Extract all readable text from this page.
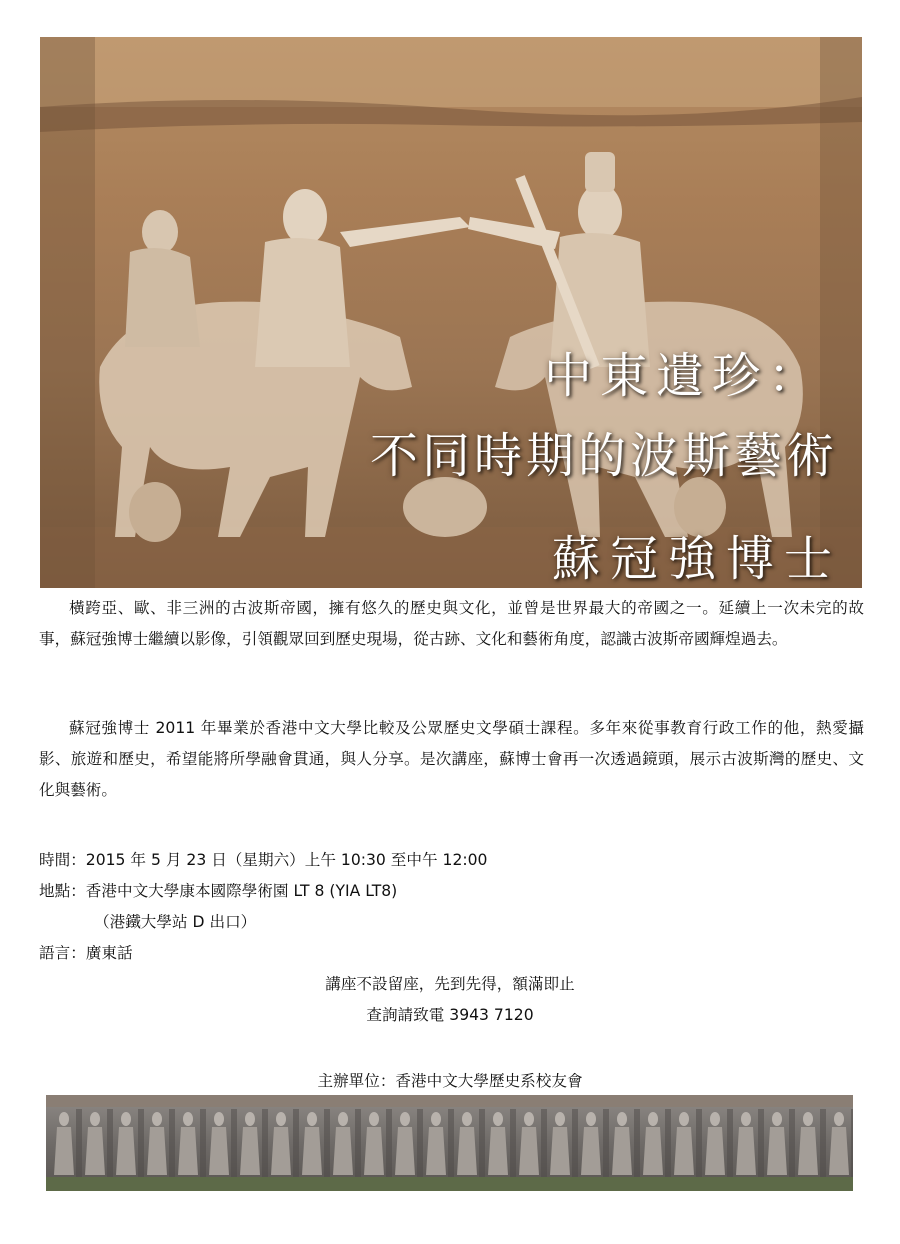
中東遺珍：
不同時期的波斯藝術
蘇冠強博士

橫跨亞、歐、非三洲的古波斯帝國，擁有悠久的歷史與文化，並曾是世界最大的帝國之一。延續上一次未完的故事，蘇冠強博士繼續以影像，引領觀眾回到歷史現場，從古跡、文化和藝術角度，認識古波斯帝國輝煌過去。

蘇冠強博士 2011 年畢業於香港中文大學比較及公眾歷史文學碩士課程。多年來從事教育行政工作的他，熱愛攝影、旅遊和歷史，希望能將所學融會貫通，與人分享。是次講座，蘇博士會再一次透過鏡頭，展示古波斯灣的歷史、文化與藝術。

時間：2015 年 5 月 23 日（星期六）上午 10:30 至中午 12:00

地點：香港中文大學康本國際學術園 LT 8 (YIA LT8)

（港鐵大學站 D 出口）

語言：廣東話

講座不設留座，先到先得，額滿即止

查詢請致電 3943 7120

主辦單位：香港中文大學歷史系校友會
